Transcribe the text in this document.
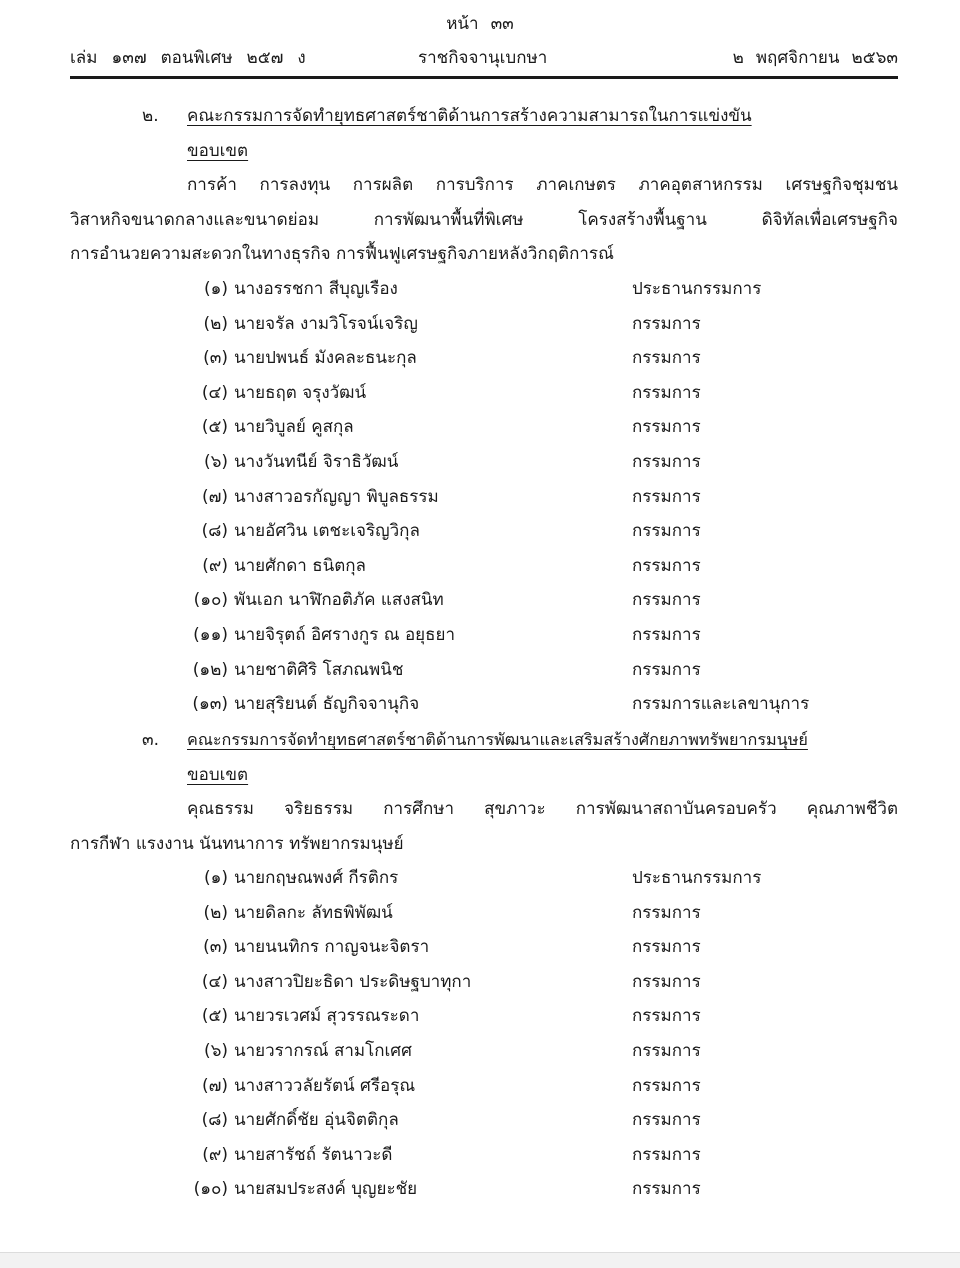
หน้า ๓๓
เล่ม ๑๓๗ ตอนพิเศษ ๒๕๗ ง	ราชกิจจานุเบกษา	๒ พฤศจิกายน ๒๕๖๓
๒. คณะกรรมการจัดทำยุทธศาสตร์ชาติด้านการสร้างความสามารถในการแข่งขัน
ขอบเขต
การค้า การลงทุน การผลิต การบริการ ภาคเกษตร ภาคอุตสาหกรรม เศรษฐกิจชุมชน
วิสาหกิจขนาดกลางและขนาดย่อม การพัฒนาพื้นที่พิเศษ โครงสร้างพื้นฐาน ดิจิทัลเพื่อเศรษฐกิจ
การอำนวยความสะดวกในทางธุรกิจ การฟื้นฟูเศรษฐกิจภายหลังวิกฤติการณ์
(๑) นางอรรชกา สีบุญเรือง	ประธานกรรมการ
(๒) นายจรัล งามวิโรจน์เจริญ	กรรมการ
(๓) นายปพนธ์ มังคละธนะกุล	กรรมการ
(๔) นายธฤต จรุงวัฒน์	กรรมการ
(๕) นายวิบูลย์ คูสกุล	กรรมการ
(๖) นางวันทนีย์ จิราธิวัฒน์	กรรมการ
(๗) นางสาวอรกัญญา พิบูลธรรม	กรรมการ
(๘) นายอัศวิน เตชะเจริญวิกุล	กรรมการ
(๙) นายศักดา ธนิตกุล	กรรมการ
(๑๐) พันเอก นาฬิกอติภัค แสงสนิท	กรรมการ
(๑๑) นายจิรุตถ์ อิศรางกูร ณ อยุธยา	กรรมการ
(๑๒) นายชาติศิริ โสภณพนิช	กรรมการ
(๑๓) นายสุริยนต์ ธัญกิจจานุกิจ	กรรมการและเลขานุการ
๓. คณะกรรมการจัดทำยุทธศาสตร์ชาติด้านการพัฒนาและเสริมสร้างศักยภาพทรัพยากรมนุษย์
ขอบเขต
คุณธรรม จริยธรรม การศึกษา สุขภาวะ การพัฒนาสถาบันครอบครัว คุณภาพชีวิต
การกีฬา แรงงาน นันทนาการ ทรัพยากรมนุษย์
(๑) นายกฤษณพงศ์ กีรติกร	ประธานกรรมการ
(๒) นายดิลกะ ลัทธพิพัฒน์	กรรมการ
(๓) นายนนทิกร กาญจนะจิตรา	กรรมการ
(๔) นางสาวปิยะธิดา ประดิษฐบาทุกา	กรรมการ
(๕) นายวรเวศม์ สุวรรณระดา	กรรมการ
(๖) นายวรากรณ์ สามโกเศศ	กรรมการ
(๗) นางสาววลัยรัตน์ ศรีอรุณ	กรรมการ
(๘) นายศักดิ์ชัย อุ่นจิตติกุล	กรรมการ
(๙) นายสารัชถ์ รัตนาวะดี	กรรมการ
(๑๐) นายสมประสงค์ บุญยะชัย	กรรมการ
